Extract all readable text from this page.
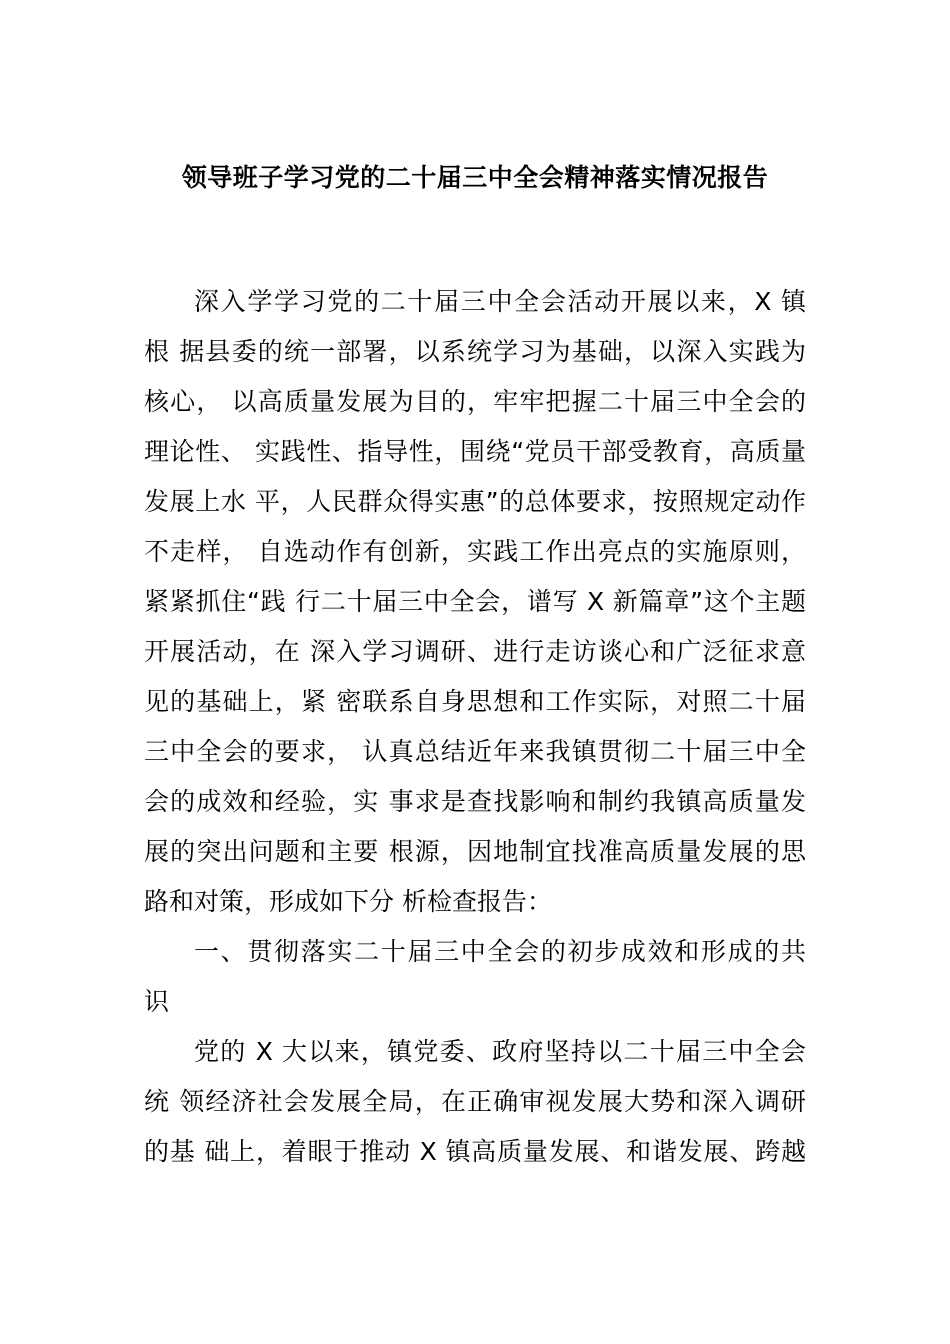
领导班子学习党的二十届三中全会精神落实情况报告
深入学学习党的二十届三中全会活动开展以来，X 镇
根 据县委的统一部署，以系统学习为基础，以深入实践为
核心， 以高质量发展为目的，牢牢把握二十届三中全会的
理论性、 实践性、指导性，围绕“党员干部受教育，高质量
发展上水 平，人民群众得实惠”的总体要求，按照规定动作
不走样， 自选动作有创新，实践工作出亮点的实施原则，
紧紧抓住“践 行二十届三中全会，谱写 X 新篇章”这个主题
开展活动，在 深入学习调研、进行走访谈心和广泛征求意
见的基础上，紧 密联系自身思想和工作实际，对照二十届
三中全会的要求， 认真总结近年来我镇贯彻二十届三中全
会的成效和经验，实 事求是查找影响和制约我镇高质量发
展的突出问题和主要 根源，因地制宜找准高质量发展的思
路和对策，形成如下分 析检查报告：
一、贯彻落实二十届三中全会的初步成效和形成的共
识
党的 X 大以来，镇党委、政府坚持以二十届三中全会
统 领经济社会发展全局，在正确审视发展大势和深入调研
的基 础上，着眼于推动 X 镇高质量发展、和谐发展、跨越
